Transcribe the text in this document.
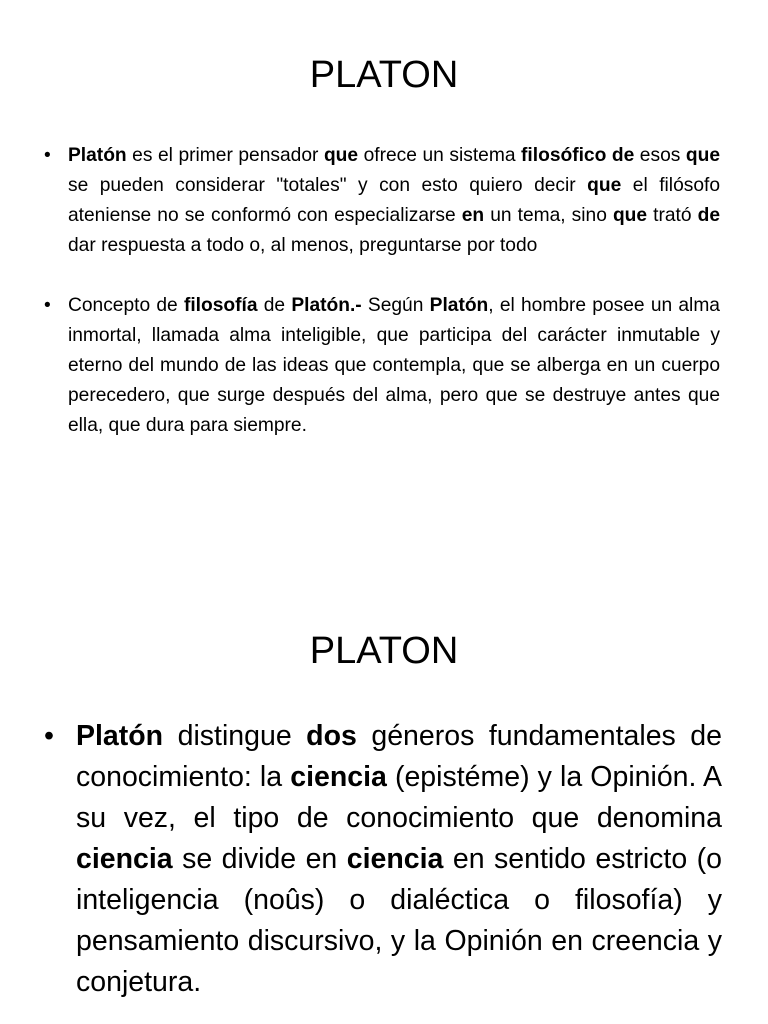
PLATON
• Platón es el primer pensador que ofrece un sistema filosófico de esos que se pueden considerar "totales" y con esto quiero decir que el filósofo ateniense no se conformó con especializarse en un tema, sino que trató de dar respuesta a todo o, al menos, preguntarse por todo
• Concepto de filosofía de Platón.- Según Platón, el hombre posee un alma inmortal, llamada alma inteligible, que participa del carácter inmutable y eterno del mundo de las ideas que contempla, que se alberga en un cuerpo perecedero, que surge después del alma, pero que se destruye antes que ella, que dura para siempre.
PLATON
• Platón distingue dos géneros fundamentales de conocimiento: la ciencia (epistéme) y la Opinión. A su vez, el tipo de conocimiento que denomina ciencia se divide en ciencia en sentido estricto (o inteligencia (noûs) o dialéctica o filosofía) y pensamiento discursivo, y la Opinión en creencia y conjetura.
